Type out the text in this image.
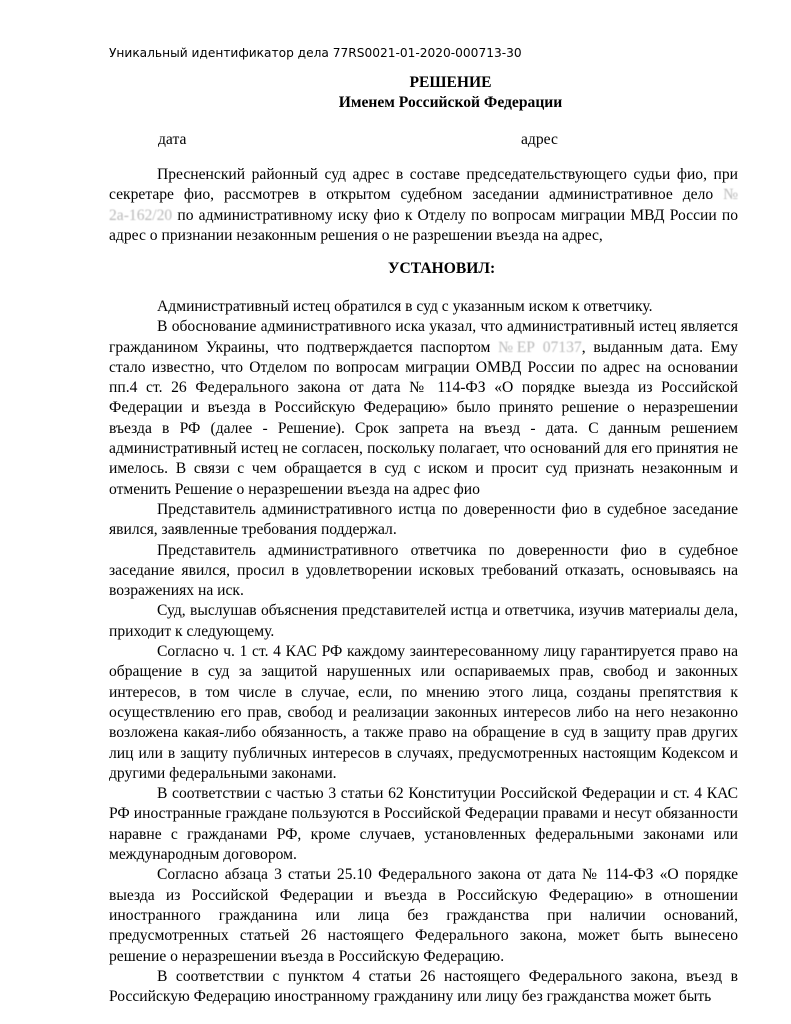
Уникальный идентификатор дела 77RS0021-01-2020-000713-30
РЕШЕНИЕ
Именем Российской Федерации
дата	адрес

Пресненский районный суд адрес в составе председательствующего судьи фио, при секретаре фио, рассмотрев в открытом судебном заседании административное дело № 2а-162/20 по административному иску фио к Отделу по вопросам миграции МВД России по адрес о признании незаконным решения о не разрешении въезда на адрес,

УСТАНОВИЛ:

Административный истец обратился в суд с указанным иском к ответчику.

В обоснование административного иска указал, что административный истец является гражданином Украины, что подтверждается паспортом №ЕР 07137, выданным дата. Ему стало известно, что Отделом по вопросам миграции ОМВД России по адрес на основании пп.4 ст. 26 Федерального закона от дата № 114-ФЗ «О порядке выезда из Российской Федерации и въезда в Российскую Федерацию» было принято решение о неразрешении въезда в РФ (далее - Решение). Срок запрета на въезд - дата. С данным решением административный истец не согласен, поскольку полагает, что оснований для его принятия не имелось. В связи с чем обращается в суд с иском и просит суд признать незаконным и отменить Решение о неразрешении въезда на адрес фио

Представитель административного истца по доверенности фио в судебное заседание явился, заявленные требования поддержал.

Представитель административного ответчика по доверенности фио в судебное заседание явился, просил в удовлетворении исковых требований отказать, основываясь на возражениях на иск.

Суд, выслушав объяснения представителей истца и ответчика, изучив материалы дела, приходит к следующему.

Согласно ч. 1 ст. 4 КАС РФ каждому заинтересованному лицу гарантируется право на обращение в суд за защитой нарушенных или оспариваемых прав, свобод и законных интересов, в том числе в случае, если, по мнению этого лица, созданы препятствия к осуществлению его прав, свобод и реализации законных интересов либо на него незаконно возложена какая-либо обязанность, а также право на обращение в суд в защиту прав других лиц или в защиту публичных интересов в случаях, предусмотренных настоящим Кодексом и другими федеральными законами.

В соответствии с частью 3 статьи 62 Конституции Российской Федерации и ст. 4 КАС РФ иностранные граждане пользуются в Российской Федерации правами и несут обязанности наравне с гражданами РФ, кроме случаев, установленных федеральными законами или международным договором.

Согласно абзаца 3 статьи 25.10 Федерального закона от дата № 114-ФЗ «О порядке выезда из Российской Федерации и въезда в Российскую Федерацию» в отношении иностранного гражданина или лица без гражданства при наличии оснований, предусмотренных статьей 26 настоящего Федерального закона, может быть вынесено решение о неразрешении въезда в Российскую Федерацию.

В соответствии с пунктом 4 статьи 26 настоящего Федерального закона, въезд в Российскую Федерацию иностранному гражданину или лицу без гражданства может быть
